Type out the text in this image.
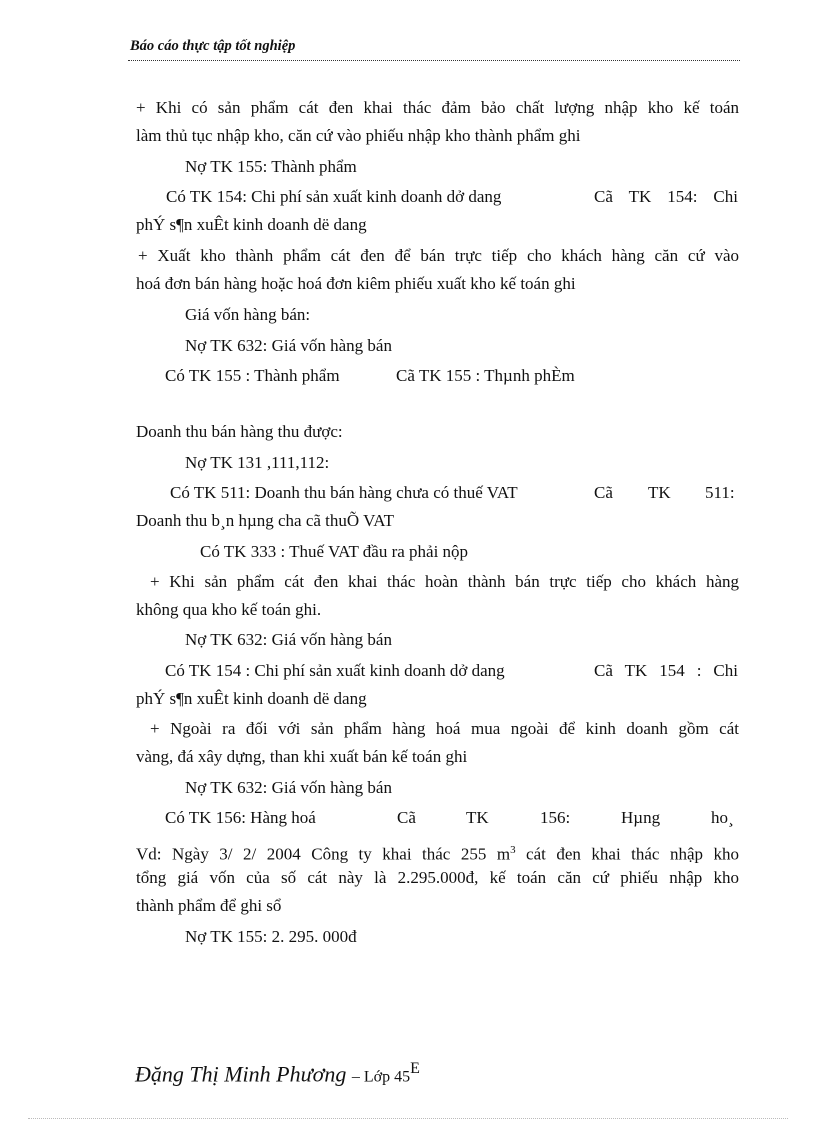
Báo cáo thực tập tốt nghiệp
+ Khi có sản phẩm cát đen khai thác đảm bảo chất lượng nhập kho kế toán
làm thủ tục nhập kho, căn cứ vào phiếu nhập kho thành phẩm ghi
Nợ TK 155: Thành phẩm
Có TK 154: Chi phí sản xuất kinh doanh dở dang	Cã TK 154: Chi
phÝ s¶n xuÊt kinh doanh dë dang
+ Xuất kho thành phẩm cát đen để bán trực tiếp cho khách hàng căn cứ vào
hoá đơn bán hàng hoặc hoá đơn kiêm phiếu xuất kho kế toán ghi
Giá vốn hàng bán:
Nợ TK 632: Giá vốn hàng bán
Có TK 155 : Thành phẩm	Cã TK 155 : Thµnh phÈm
Doanh thu bán hàng thu được:
Nợ TK 131 ,111,112:
Có TK 511: Doanh thu bán hàng chưa có thuế VAT	Cã TK 511:
Doanh thu b¸n hµng cha cã thuÕ VAT
Có TK 333 : Thuế VAT đầu ra phải nộp
+ Khi sản phẩm cát đen khai thác hoàn thành bán trực tiếp cho khách hàng
không qua kho kế toán ghi.
Nợ TK 632: Giá vốn hàng bán
Có TK 154 : Chi phí sản xuất kinh doanh dở dang	Cã TK 154 : Chi
phÝ s¶n xuÊt kinh doanh dë dang
+ Ngoài ra đối với sản phẩm hàng hoá mua ngoài để kinh doanh gồm cát
vàng, đá xây dựng, than khi xuất bán kế toán ghi
Nợ TK 632: Giá vốn hàng bán
Có TK 156: Hàng hoá	Cã	TK	156:	Hµng	ho¸
Vd: Ngày 3/ 2/ 2004 Công ty khai thác 255 $m^3$ cát đen khai thác nhập kho
tổng giá vốn của số cát này là 2.295.000đ, kế toán căn cứ phiếu nhập kho
thành phẩm để ghi sổ
Nợ TK 155: 2. 295. 000đ
Đặng Thị Minh Phương – Lớp $45^E$
